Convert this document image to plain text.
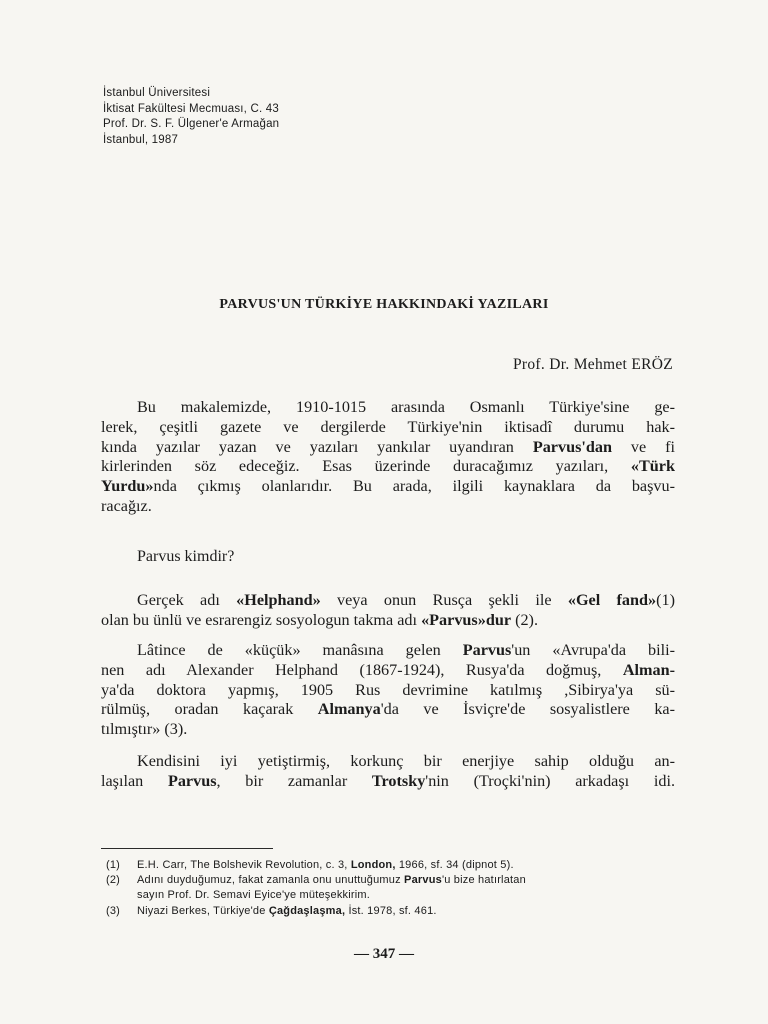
İstanbul Üniversitesi
İktisat Fakültesi Mecmuası, C. 43
Prof. Dr. S. F. Ülgener'e Armağan
İstanbul, 1987
PARVUS'UN TÜRKİYE HAKKINDAKİ YAZILARI
Prof. Dr. Mehmet ERÖZ
Bu makalemizde, 1910-1015 arasında Osmanlı Türkiye'sine ge-
lerek, çeşitli gazete ve dergilerde Türkiye'nin iktisadî durumu hak-
kında yazılar yazan ve yazıları yankılar uyandıran Parvus'dan ve fi
kirlerinden söz edeceğiz. Esas üzerinde duracağımız yazıları, «Türk
Yurdu»nda çıkmış olanlarıdır. Bu arada, ilgili kaynaklara da başvu-
racağız.
Parvus kimdir?
Gerçek adı «Helphand» veya onun Rusça şekli ile «Gel fand»(1)
olan bu ünlü ve esrarengiz sosyologun takma adı «Parvus»dur (2).
Lâtince de «küçük» manâsına gelen Parvus'un «Avrupa'da bili-
nen adı Alexander Helphand (1867-1924), Rusya'da doğmuş, Alman-
ya'da doktora yapmış, 1905 Rus devrimine katılmış ,Sibirya'ya sü-
rülmüş, oradan kaçarak Almanya'da ve İsviçre'de sosyalistlere ka-
tılmıştır» (3).
Kendisini iyi yetiştirmiş, korkunç bir enerjiye sahip olduğu an-
laşılan Parvus, bir zamanlar Trotsky'nin (Troçki'nin) arkadaşı idi.
(1)	E.H. Carr, The Bolshevik Revolution, c. 3, London, 1966, sf. 34 (dipnot 5).
(2)	Adını duyduğumuz, fakat zamanla onu unuttuğumuz Parvus'u bize hatırlatan
sayın Prof. Dr. Semavi Eyice'ye müteşekkirim.
(3)	Niyazi Berkes, Türkiye'de Çağdaşlaşma, İst. 1978, sf. 461.
— 347 —
